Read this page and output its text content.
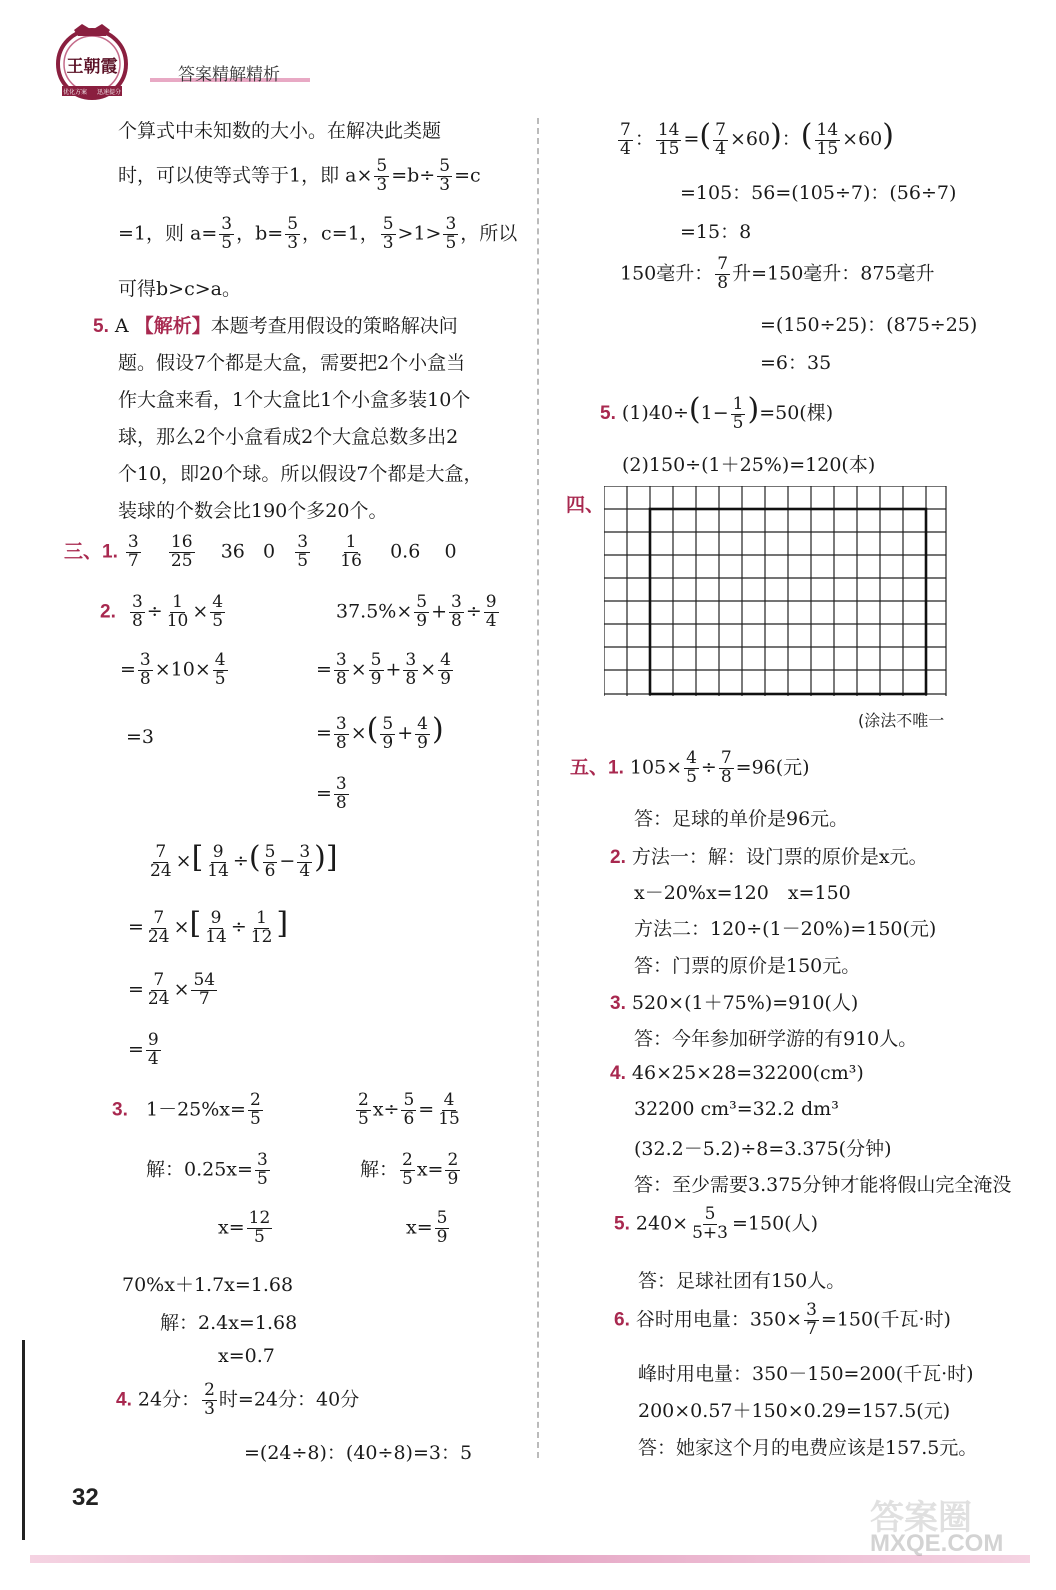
王朝霞
优化方案 迅速提分
答案精解精析
个算式中未知数的大小。在解决此类题
时，可以使等式等于1，即 $a\times \frac{5}{3} =b\div \frac{5}{3} =c$
=1，则 $a= \frac{3}{5}$ ，$b= \frac{5}{3}$ ，c=1， $\frac{5}{3} >1> \frac{3}{5}$ ，所以
可得b>c>a。
5. A 【解析】本题考查用假设的策略解决问
题。假设7个都是大盒，需要把2个小盒当
作大盒来看，1个大盒比1个小盒多装10个
球，那么2个小盒看成2个大盒总数多出2
个10，即20个球。所以假设7个都是大盒，
装球的个数会比190个多20个。
三、1. $\frac{3}{7}$
$\frac{16}{25} 36$ $0 \frac{3}{5}$
$\frac{1}{16} 0.6$ 0
2. $\frac{3}{8} \div \frac{1}{10} \times \frac{4}{5}$
= $\frac{3}{8} \times 10\times \frac{4}{5}$
=3
$37.5\%\times \frac{5}{9} + \frac{3}{8} \div \frac{9}{4}$
= $\frac{3}{8} \times \frac{5}{9} + \frac{3}{8} \times \frac{4}{9}$
= $\frac{3}{8}$ ×( $\frac{5}{9} + \frac{4}{9}$ )
= $\frac{3}{8}$
$\frac{7}{24}$ ×[ $\frac{9}{14}$ ÷( $\frac{5}{6} - \frac{3}{4}$ )]
= $\frac{7}{24}$ ×[ $\frac{9}{14} \div \frac{1}{12}$ ]
= $\frac{7}{24} \times \frac{54}{7}$
= $\frac{9}{4}$
3. $1-25\%x= \frac{2}{5}$
解：$0.25x= \frac{3}{5}$
$x= \frac{12}{5}$
$\frac{2}{5} x\div \frac{5}{6} = \frac{4}{15}$
解： $\frac{2}{5} x= \frac{2}{9}$
$x= \frac{5}{9}$
70%x＋1.7x=1.68
解：2.4x=1.68
x=0.7
4. 24分： $\frac{2}{3}$ 时=24分：40分
=(24÷8)：(40÷8)=3：5
$\frac{7}{4}$ ： $\frac{14}{15}$ =( $\frac{7}{4} \times 60$)：( $\frac{14}{15} \times 60$)
=105：56=(105÷7)：(56÷7)
=15：8
150毫升： $\frac{7}{8}$ 升=150毫升：875毫升
=(150÷25)：(875÷25)
=6：35
5. $(1)40\div(1- \frac{1}{5} )=50$(棵)
(2)150÷(1＋25%)=120(本)
四、
(涂法不唯一
五、1. $105\times \frac{4}{5} \div \frac{7}{8} =96$(元)
答：足球的单价是96元。
2. 方法一：解：设门票的原价是x元。
x－20%x=120　x=150
方法二：120÷(1－20%)=150(元)
答：门票的原价是150元。
3. 520×(1＋75%)=910(人)
答：今年参加研学游的有910人。
4. 46×25×28=32200(cm³)
32200 cm³=32.2 dm³
(32.2－5.2)÷8=3.375(分钟)
答：至少需要3.375分钟才能将假山完全淹没
5. $240\times \frac{5}{5+3} =150$(人)
答：足球社团有150人。
6. 谷时用电量：$350\times \frac{3}{7} =150$(千瓦·时)
峰时用电量：350－150=200(千瓦·时)
200×0.57＋150×0.29=157.5(元)
答：她家这个月的电费应该是157.5元。
32
答案圈
MXQE.COM
